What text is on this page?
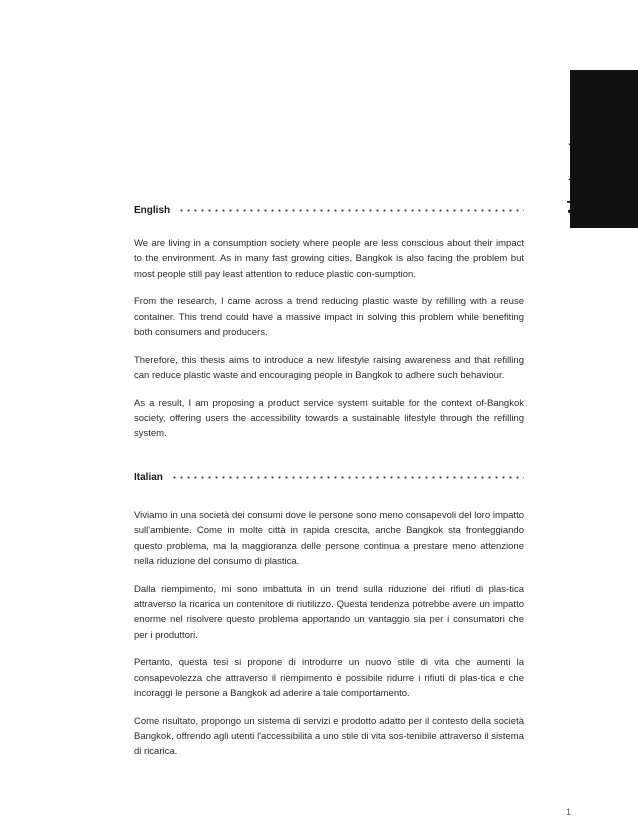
Abstract
English

We are living in a consumption society where people are less conscious about their impact to the environment. As in many fast growing cities, Bangkok is also facing the problem but most people still pay least attention to reduce plastic con-sumption.

From the research, I came across a trend reducing plastic waste by refilling with a reuse container. This trend could have a massive impact in solving this problem while benefiting both consumers and producers.

Therefore, this thesis aims to introduce a new lifestyle raising awareness and that refilling can reduce plastic waste and encouraging people in Bangkok to adhere such behaviour.

As a result, I am proposing a product service system suitable for the context of-Bangkok society, offering users the accessibility towards a sustainable lifestyle through the refilling system.

Italian

Viviamo in una società dei consumi dove le persone sono meno consapevoli del loro impatto sull'ambiente. Come in molte città in rapida crescita, anche Bangkok sta fronteggiando questo problema, ma la maggioranza delle persone continua a prestare meno attenzione nella riduzione del consumo di plastica.

Dalla riempimento, mi sono imbattuta in un trend sulla riduzione dei rifiuti di plas-tica attraverso la ricarica un contenitore di riutilizzo. Questa tendenza potrebbe avere un impatto enorme nel risolvere questo problema apportando un vantaggio sia per i consumatori che per i produttori.

Pertanto, questa tesi si propone di introdurre un nuovo stile di vita che aumenti la consapevolezza che attraverso il riempimento è possibile ridurre i rifiuti di plas-tica e che incoraggi le persone a Bangkok ad aderire a tale comportamento.

Come risultato, propongo un sistema di servizi e prodotto adatto per il contesto della società Bangkok, offrendo agli utenti l'accessibilità a uno stile di vita sos-tenibile attraverso il sistema di ricarica.

1
